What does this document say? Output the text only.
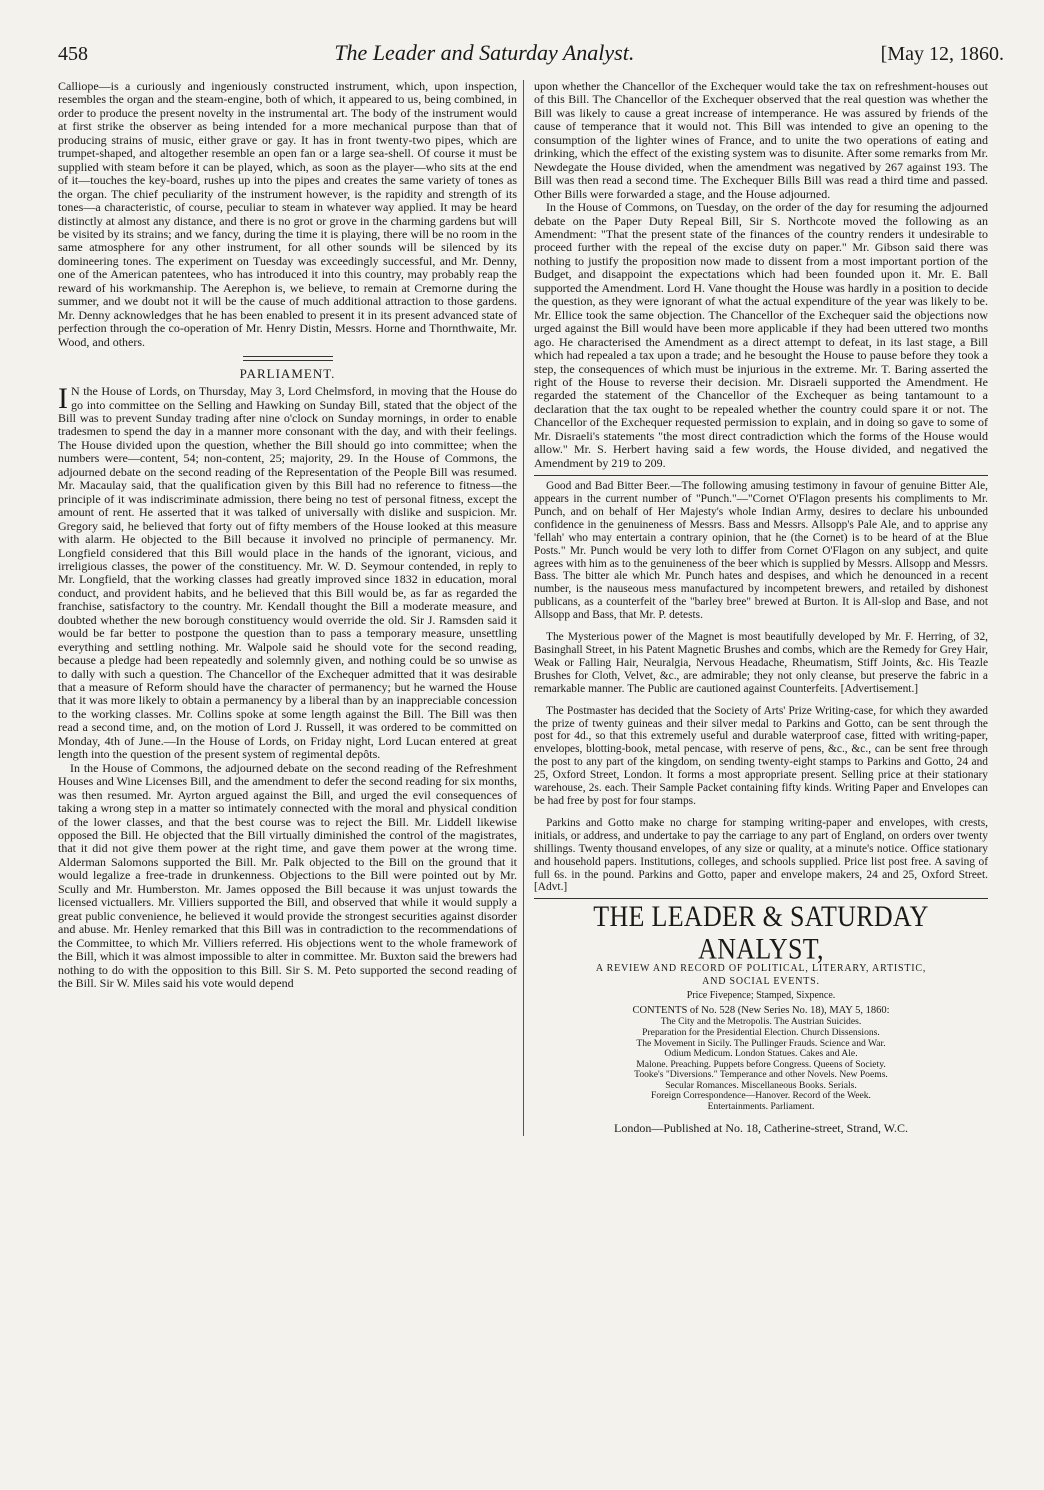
458	The Leader and Saturday Analyst.	[May 12, 1860.

Calliope—is a curiously and ingeniously constructed instrument, which, upon inspection, resembles the organ and the steam-engine, both of which, it appeared to us, being combined, in order to produce the present novelty in the instrumental art. The body of the instrument would at first strike the observer as being intended for a more mechanical purpose than that of producing strains of music, either grave or gay. It has in front twenty-two pipes, which are trumpet-shaped, and altogether resemble an open fan or a large sea-shell. Of course it must be supplied with steam before it can be played, which, as soon as the player—who sits at the end of it—touches the key-board, rushes up into the pipes and creates the same variety of tones as the organ. The chief peculiarity of the instrument however, is the rapidity and strength of its tones—a characteristic, of course, peculiar to steam in whatever way applied. It may be heard distinctly at almost any distance, and there is no grot or grove in the charming gardens but will be visited by its strains; and we fancy, during the time it is playing, there will be no room in the same atmosphere for any other instrument, for all other sounds will be silenced by its domineering tones. The experiment on Tuesday was exceedingly successful, and Mr. Denny, one of the American patentees, who has introduced it into this country, may probably reap the reward of his workmanship. The Aerephon is, we believe, to remain at Cremorne during the summer, and we doubt not it will be the cause of much additional attraction to those gardens. Mr. Denny acknowledges that he has been enabled to present it in its present advanced state of perfection through the co-operation of Mr. Henry Distin, Messrs. Horne and Thornthwaite, Mr. Wood, and others.

PARLIAMENT.

I N the House of Lords, on Thursday, May 3, Lord Chelmsford, in moving that the House do go into committee on the Selling and Hawking on Sunday Bill, stated that the object of the Bill was to prevent Sunday trading after nine o'clock on Sunday mornings, in order to enable tradesmen to spend the day in a manner more consonant with the day, and with their feelings. The House divided upon the question, whether the Bill should go into committee; when the numbers were—content, 54; non-content, 25; majority, 29. In the House of Commons, the adjourned debate on the second reading of the Representation of the People Bill was resumed. Mr. Macaulay said, that the qualification given by this Bill had no reference to fitness—the principle of it was indiscriminate admission, there being no test of personal fitness, except the amount of rent. He asserted that it was talked of universally with dislike and suspicion. Mr. Gregory said, he believed that forty out of fifty members of the House looked at this measure with alarm. He objected to the Bill because it involved no principle of permanency. Mr. Longfield considered that this Bill would place in the hands of the ignorant, vicious, and irreligious classes, the power of the constituency. Mr. W. D. Seymour contended, in reply to Mr. Longfield, that the working classes had greatly improved since 1832 in education, moral conduct, and provident habits, and he believed that this Bill would be, as far as regarded the franchise, satisfactory to the country. Mr. Kendall thought the Bill a moderate measure, and doubted whether the new borough constituency would override the old. Sir J. Ramsden said it would be far better to postpone the question than to pass a temporary measure, unsettling everything and settling nothing. Mr. Walpole said he should vote for the second reading, because a pledge had been repeatedly and solemnly given, and nothing could be so unwise as to dally with such a question. The Chancellor of the Exchequer admitted that it was desirable that a measure of Reform should have the character of permanency; but he warned the House that it was more likely to obtain a permanency by a liberal than by an inappreciable concession to the working classes. Mr. Collins spoke at some length against the Bill. The Bill was then read a second time, and, on the motion of Lord J. Russell, it was ordered to be committed on Monday, 4th of June.—In the House of Lords, on Friday night, Lord Lucan entered at great length into the question of the present system of regimental depôts.

In the House of Commons, the adjourned debate on the second reading of the Refreshment Houses and Wine Licenses Bill, and the amendment to defer the second reading for six months, was then resumed. Mr. Ayrton argued against the Bill, and urged the evil consequences of taking a wrong step in a matter so intimately connected with the moral and physical condition of the lower classes, and that the best course was to reject the Bill. Mr. Liddell likewise opposed the Bill. He objected that the Bill virtually diminished the control of the magistrates, that it did not give them power at the right time, and gave them power at the wrong time. Alderman Salomons supported the Bill. Mr. Palk objected to the Bill on the ground that it would legalize a free-trade in drunkenness. Objections to the Bill were pointed out by Mr. Scully and Mr. Humberston. Mr. James opposed the Bill because it was unjust towards the licensed victuallers. Mr. Villiers supported the Bill, and observed that while it would supply a great public convenience, he believed it would provide the strongest securities against disorder and abuse. Mr. Henley remarked that this Bill was in contradiction to the recommendations of the Committee, to which Mr. Villiers referred. His objections went to the whole framework of the Bill, which it was almost impossible to alter in committee. Mr. Buxton said the brewers had nothing to do with the opposition to this Bill. Sir S. M. Peto supported the second reading of the Bill. Sir W. Miles said his vote would depend

upon whether the Chancellor of the Exchequer would take the tax on refreshment-houses out of this Bill. The Chancellor of the Exchequer observed that the real question was whether the Bill was likely to cause a great increase of intemperance. He was assured by friends of the cause of temperance that it would not. This Bill was intended to give an opening to the consumption of the lighter wines of France, and to unite the two operations of eating and drinking, which the effect of the existing system was to disunite. After some remarks from Mr. Newdegate the House divided, when the amendment was negatived by 267 against 193. The Bill was then read a second time. The Exchequer Bills Bill was read a third time and passed. Other Bills were forwarded a stage, and the House adjourned.

In the House of Commons, on Tuesday, on the order of the day for resuming the adjourned debate on the Paper Duty Repeal Bill, Sir S. Northcote moved the following as an Amendment: "That the present state of the finances of the country renders it undesirable to proceed further with the repeal of the excise duty on paper." Mr. Gibson said there was nothing to justify the proposition now made to dissent from a most important portion of the Budget, and disappoint the expectations which had been founded upon it. Mr. E. Ball supported the Amendment. Lord H. Vane thought the House was hardly in a position to decide the question, as they were ignorant of what the actual expenditure of the year was likely to be. Mr. Ellice took the same objection. The Chancellor of the Exchequer said the objections now urged against the Bill would have been more applicable if they had been uttered two months ago. He characterised the Amendment as a direct attempt to defeat, in its last stage, a Bill which had repealed a tax upon a trade; and he besought the House to pause before they took a step, the consequences of which must be injurious in the extreme. Mr. T. Baring asserted the right of the House to reverse their decision. Mr. Disraeli supported the Amendment. He regarded the statement of the Chancellor of the Exchequer as being tantamount to a declaration that the tax ought to be repealed whether the country could spare it or not. The Chancellor of the Exchequer requested permission to explain, and in doing so gave to some of Mr. Disraeli's statements "the most direct contradiction which the forms of the House would allow." Mr. S. Herbert having said a few words, the House divided, and negatived the Amendment by 219 to 209.

Good and Bad Bitter Beer.—The following amusing testimony in favour of genuine Bitter Ale, appears in the current number of "Punch."—"Cornet O'Flagon presents his compliments to Mr. Punch, and on behalf of Her Majesty's whole Indian Army, desires to declare his unbounded confidence in the genuineness of Messrs. Bass and Messrs. Allsopp's Pale Ale, and to apprise any 'fellah' who may entertain a contrary opinion, that he (the Cornet) is to be heard of at the Blue Posts." Mr. Punch would be very loth to differ from Cornet O'Flagon on any subject, and quite agrees with him as to the genuineness of the beer which is supplied by Messrs. Allsopp and Messrs. Bass. The bitter ale which Mr. Punch hates and despises, and which he denounced in a recent number, is the nauseous mess manufactured by incompetent brewers, and retailed by dishonest publicans, as a counterfeit of the "barley bree" brewed at Burton. It is All-slop and Base, and not Allsopp and Bass, that Mr. P. detests.

The Mysterious power of the Magnet is most beautifully developed by Mr. F. Herring, of 32, Basinghall Street, in his Patent Magnetic Brushes and combs, which are the Remedy for Grey Hair, Weak or Falling Hair, Neuralgia, Nervous Headache, Rheumatism, Stiff Joints, &c. His Teazle Brushes for Cloth, Velvet, &c., are admirable; they not only cleanse, but preserve the fabric in a remarkable manner. The Public are cautioned against Counterfeits. [Advertisement.]

The Postmaster has decided that the Society of Arts' Prize Writing-case, for which they awarded the prize of twenty guineas and their silver medal to Parkins and Gotto, can be sent through the post for 4d., so that this extremely useful and durable waterproof case, fitted with writing-paper, envelopes, blotting-book, metal pencase, with reserve of pens, &c., &c., can be sent free through the post to any part of the kingdom, on sending twenty-eight stamps to Parkins and Gotto, 24 and 25, Oxford Street, London. It forms a most appropriate present. Selling price at their stationary warehouse, 2s. each. Their Sample Packet containing fifty kinds. Writing Paper and Envelopes can be had free by post for four stamps.

Parkins and Gotto make no charge for stamping writing-paper and envelopes, with crests, initials, or address, and undertake to pay the carriage to any part of England, on orders over twenty shillings. Twenty thousand envelopes, of any size or quality, at a minute's notice. Office stationary and household papers. Institutions, colleges, and schools supplied. Price list post free. A saving of full 6s. in the pound. Parkins and Gotto, paper and envelope makers, 24 and 25, Oxford Street. [Advt.]

THE LEADER & SATURDAY ANALYST,
A REVIEW AND RECORD OF POLITICAL, LITERARY, ARTISTIC,
AND SOCIAL EVENTS.
Price Fivepence; Stamped, Sixpence.
CONTENTS of No. 528 (New Series No. 18), MAY 5, 1860:
The City and the Metropolis. The Austrian Suicides.
Preparation for the Presidential Election. Church Dissensions.
The Movement in Sicily. The Pullinger Frauds. Science and War.
Odium Medicum. London Statues. Cakes and Ale.
Malone. Preaching. Puppets before Congress. Queens of Society.
Tooke's "Diversions." Temperance and other Novels. New Poems.
Secular Romances. Miscellaneous Books. Serials.
Foreign Correspondence—Hanover. Record of the Week.
Entertainments. Parliament.
London—Published at No. 18, Catherine-street, Strand, W.C.
